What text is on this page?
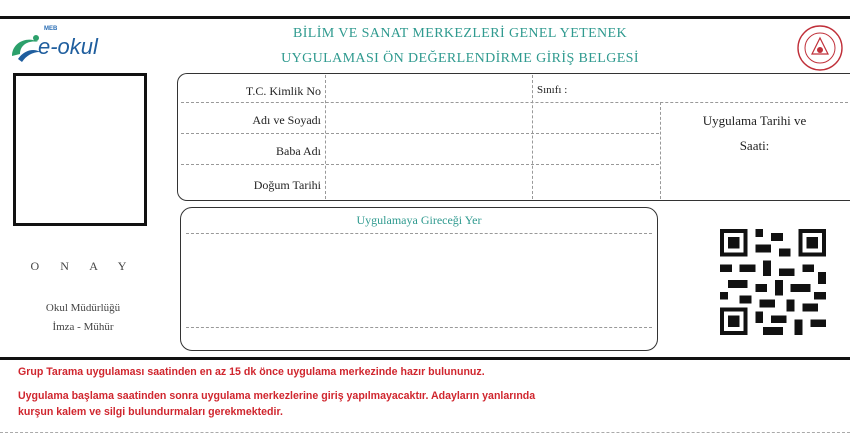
MEB
e-okul
BİLİM VE SANAT MERKEZLERİ GENEL YETENEK
UYGULAMASI ÖN DEĞERLENDİRME GİRİŞ BELGESİ
O N A Y
Okul Müdürlüğü
İmza - Mühür
T.C. Kimlik No
Adı ve Soyadı
Baba Adı
Doğum Tarihi
Sınıfı :
Uygulama Tarihi ve
Saati:
Uygulamaya Gireceği Yer
Grup Tarama uygulaması saatinden en az 15 dk önce uygulama merkezinde hazır bulununuz.
Uygulama başlama saatinden sonra uygulama merkezlerine giriş yapılmayacaktır. Adayların yanlarında
kurşun kalem ve silgi bulundurmaları gerekmektedir.
